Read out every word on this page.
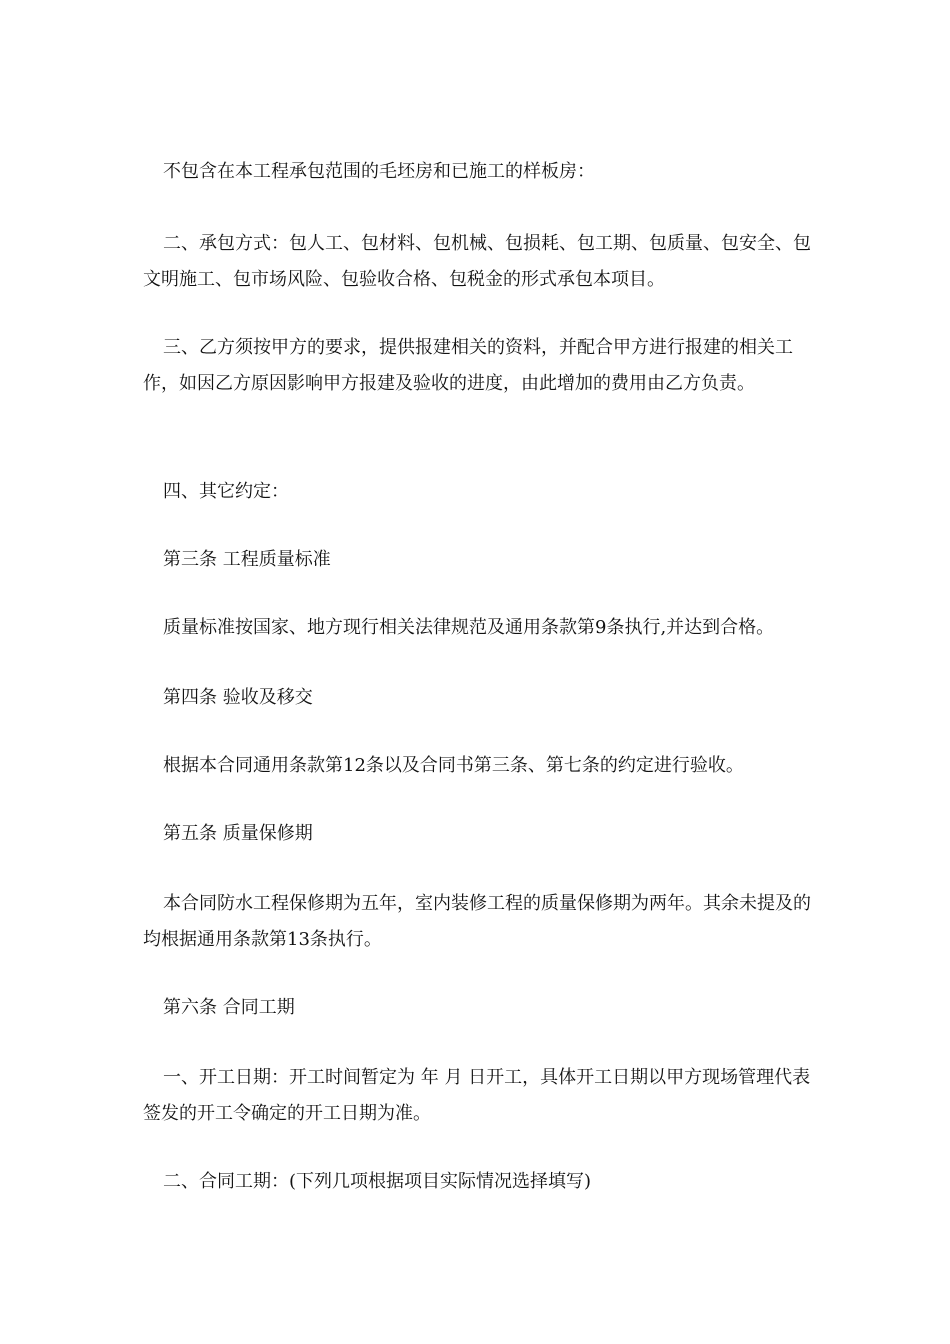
不包含在本工程承包范围的毛坯房和已施工的样板房：

二、承包方式：包人工、包材料、包机械、包损耗、包工期、包质量、包安全、包文明施工、包市场风险、包验收合格、包税金的形式承包本项目。

三、乙方须按甲方的要求，提供报建相关的资料，并配合甲方进行报建的相关工作，如因乙方原因影响甲方报建及验收的进度，由此增加的费用由乙方负责。

四、其它约定：

第三条 工程质量标准

质量标准按国家、地方现行相关法律规范及通用条款第9条执行,并达到合格。

第四条 验收及移交

根据本合同通用条款第12条以及合同书第三条、第七条的约定进行验收。

第五条 质量保修期

本合同防水工程保修期为五年，室内装修工程的质量保修期为两年。其余未提及的均根据通用条款第13条执行。

第六条 合同工期

一、开工日期：开工时间暂定为 年 月 日开工，具体开工日期以甲方现场管理代表签发的开工令确定的开工日期为准。

二、合同工期：(下列几项根据项目实际情况选择填写)
